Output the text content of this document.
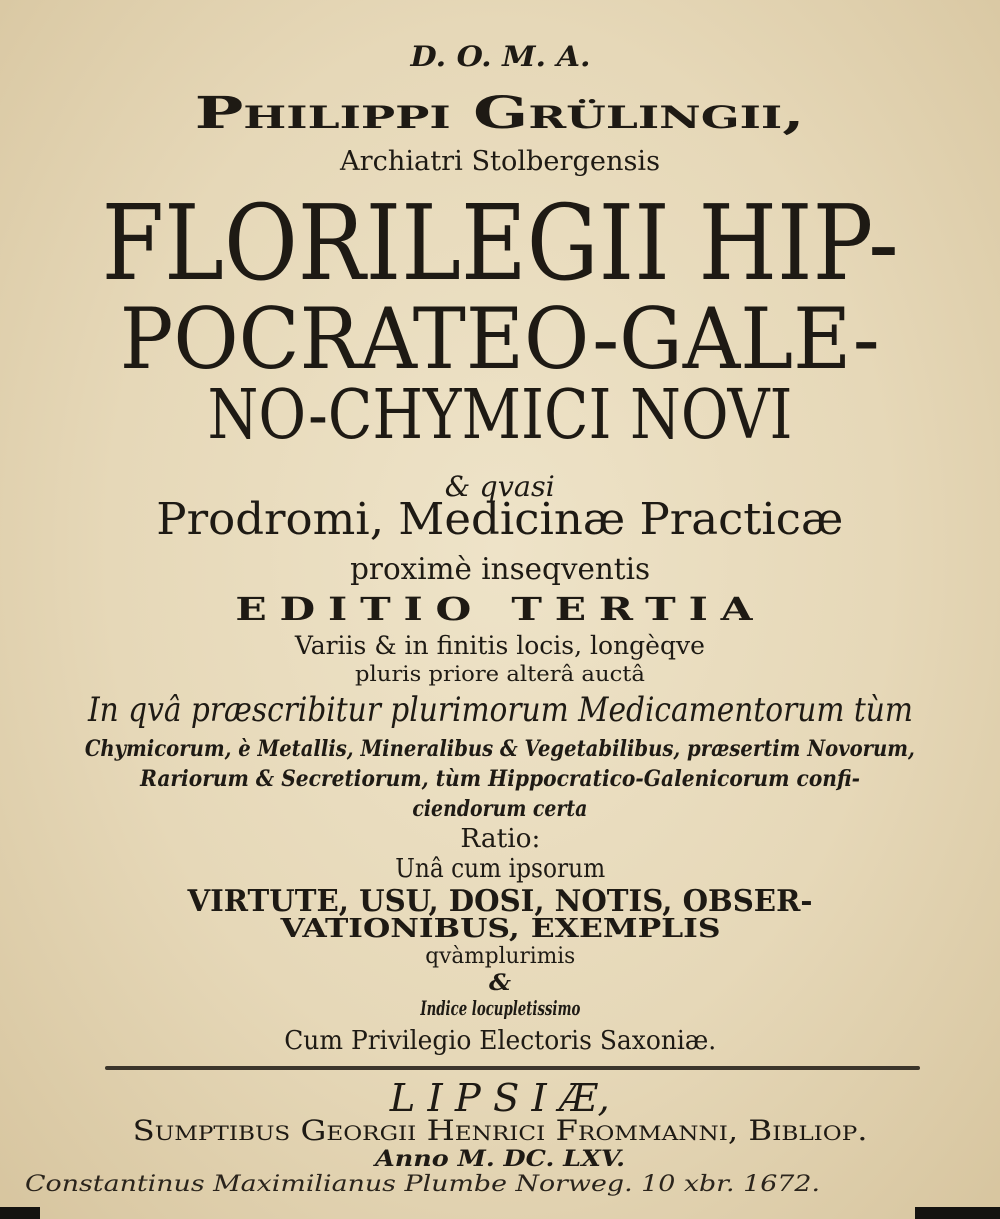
D. O. M. A.
Philippi Grülingii,
Archiatri Stolbergensis
FLORILEGII HIP-
POCRATEO-GALE-
NO-CHYMICI NOVI
& qvasi
Prodromi, Medicinæ Practicæ
proximè inseqventis
EDITIO TERTIA
Variis & in finitis locis, longèqve
pluris priore alterâ auctâ
In qvâ præscribitur plurimorum Medicamentorum tùm
Chymicorum, è Metallis, Mineralibus & Vegetabilibus, præsertim Novorum,
Rariorum & Secretiorum, tùm Hippocratico-Galenicorum confi-
ciendorum certa
Ratio:
Unâ cum ipsorum
VIRTUTE, USU, DOSI, NOTIS, OBSER-
VATIONIBUS, EXEMPLIS
qvàmplurimis
&
Indice locupletissimo
Cum Privilegio Electoris Saxoniæ.
L I P S I Æ,
Sumptibus Georgii Henrici Frommanni, Bibliop.
Anno M. DC. LXV.
Constantinus Maximilianus Plumbe Norweg. 10 xbr. 1672.
